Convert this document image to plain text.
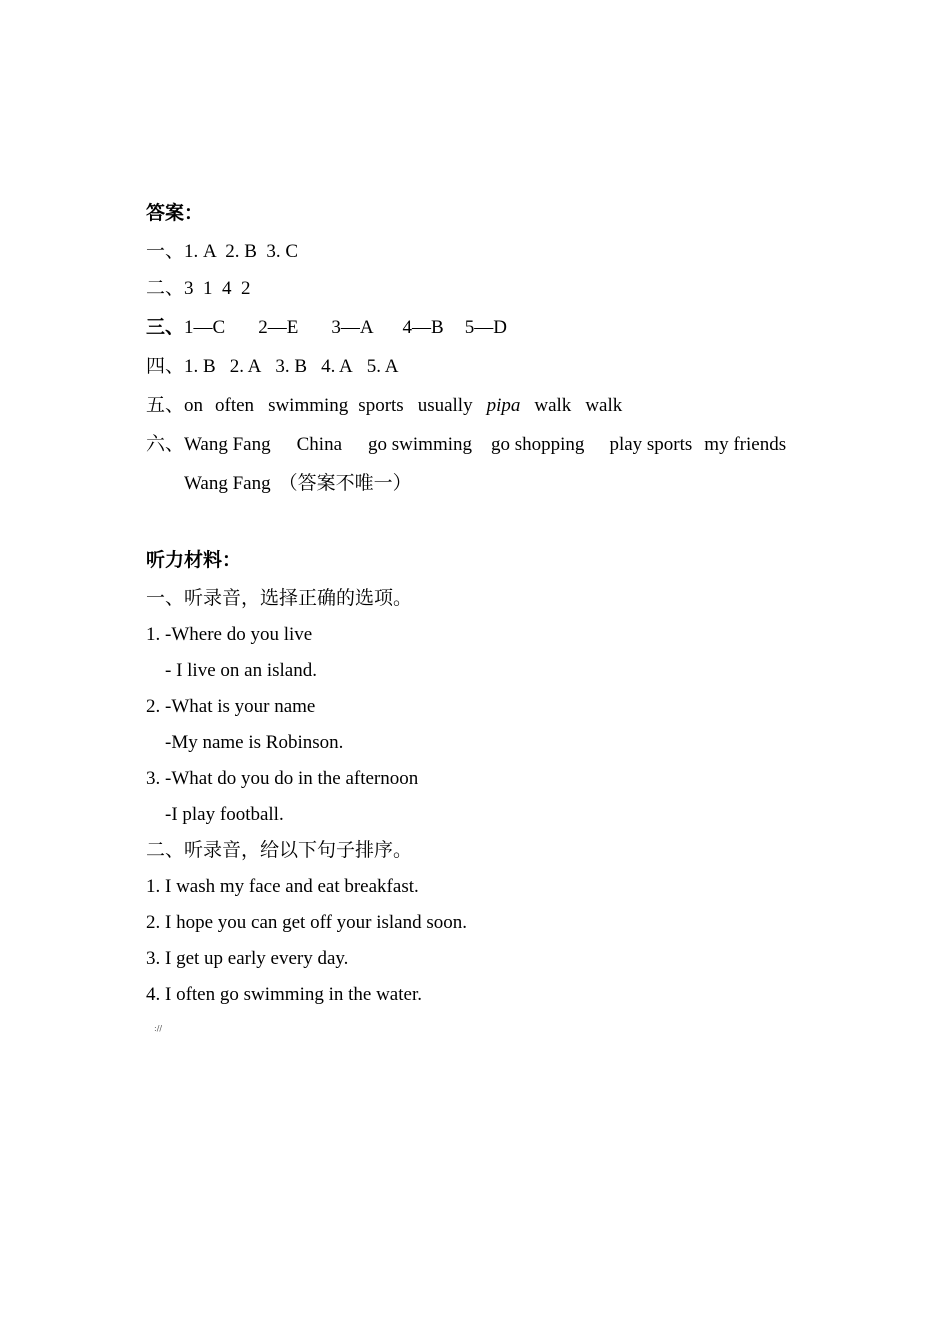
答案：
一、1. A  2. B  3. C
二、3  1  4  2
三、1—C 2—E 3—A 4—B 5—D
四、1. B 2. A 3. B 4. A 5. A
五、on often swimming sports usually pipa walk walk
六、Wang Fang China go swimming go shopping play sports my friends
Wang Fang （答案不唯一）
听力材料：
一、听录音，选择正确的选项。
1. -Where do you live
- I live on an island.
2. -What is your name
-My name is Robinson.
3. -What do you do in the afternoon
-I play football.
二、听录音，给以下句子排序。
1. I wash my face and eat breakfast.
2. I hope you can get off your island soon.
3. I get up early every day.
4. I often go swimming in the water.
://
